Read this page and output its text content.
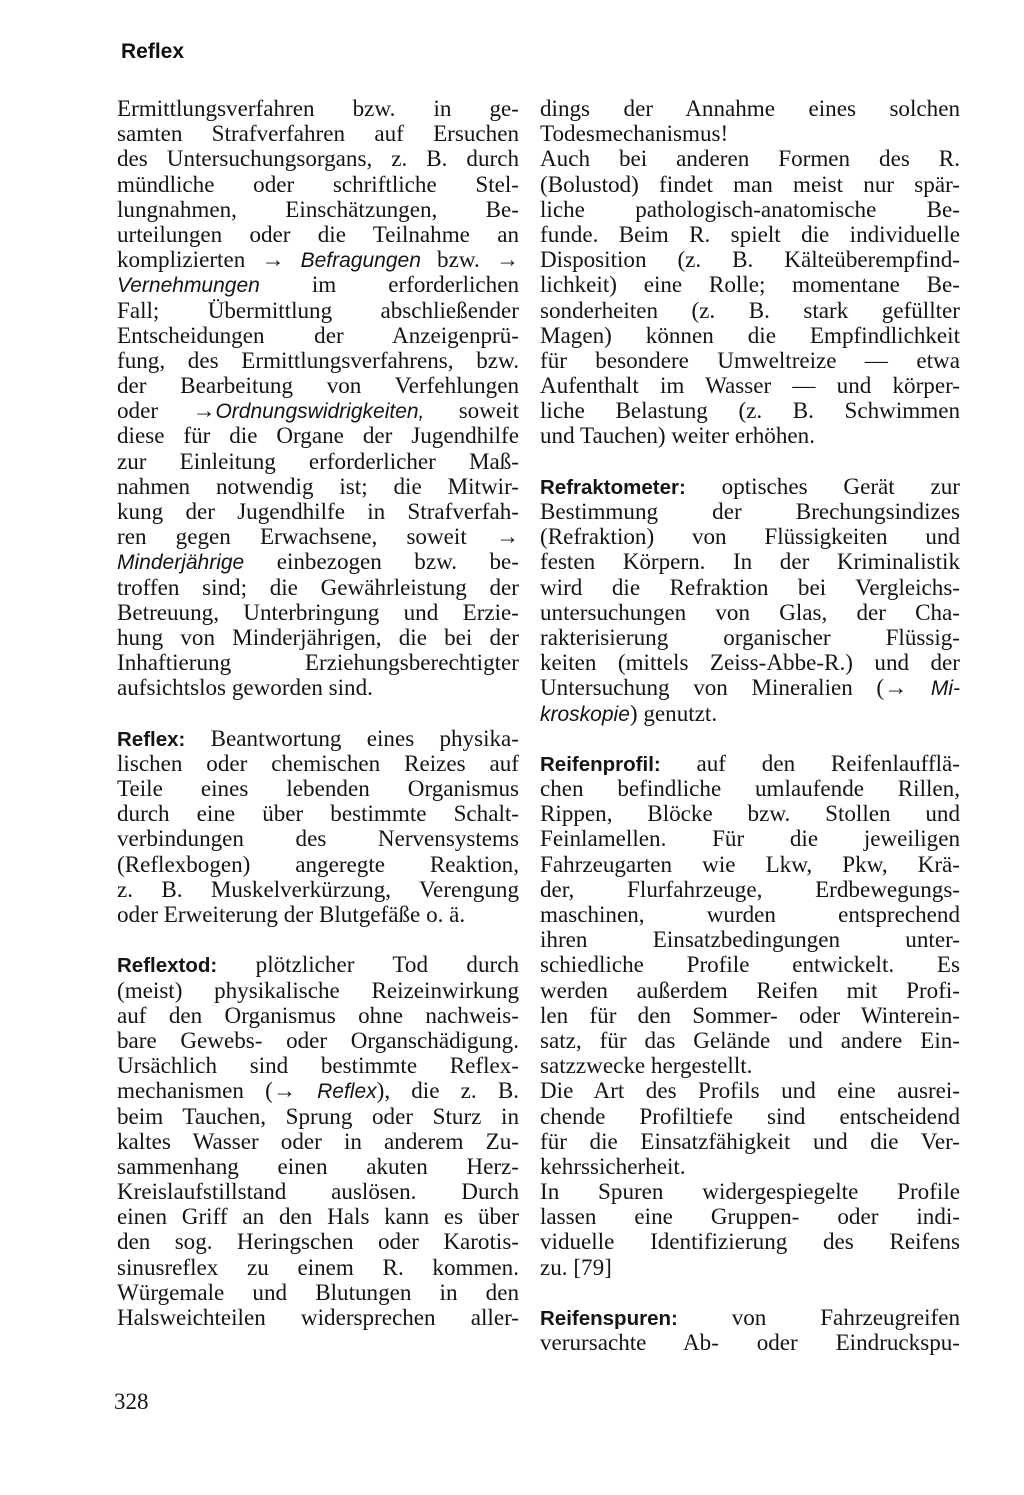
Reflex
Ermittlungsverfahren bzw. in ge-
samten Strafverfahren auf Ersuchen
des Untersuchungsorgans, z. B. durch
mündliche oder schriftliche Stel-
lungnahmen, Einschätzungen, Be-
urteilungen oder die Teilnahme an
komplizierten → Befragungen bzw. →
Vernehmungen im erforderlichen
Fall; Übermittlung abschließender
Entscheidungen der Anzeigenprü-
fung, des Ermittlungsverfahrens, bzw.
der Bearbeitung von Verfehlungen
oder →Ordnungswidrigkeiten, soweit
diese für die Organe der Jugendhilfe
zur Einleitung erforderlicher Maß-
nahmen notwendig ist; die Mitwir-
kung der Jugendhilfe in Strafverfah-
ren gegen Erwachsene, soweit →
Minderjährige einbezogen bzw. be-
troffen sind; die Gewährleistung der
Betreuung, Unterbringung und Erzie-
hung von Minderjährigen, die bei der
Inhaftierung Erziehungsberechtigter
aufsichtslos geworden sind.
Reflex: Beantwortung eines physika-
lischen oder chemischen Reizes auf
Teile eines lebenden Organismus
durch eine über bestimmte Schalt-
verbindungen des Nervensystems
(Reflexbogen) angeregte Reaktion,
z. B. Muskelverkürzung, Verengung
oder Erweiterung der Blutgefäße o. ä.
Reflextod: plötzlicher Tod durch
(meist) physikalische Reizeinwirkung
auf den Organismus ohne nachweis-
bare Gewebs- oder Organschädigung.
Ursächlich sind bestimmte Reflex-
mechanismen (→ Reflex), die z. B.
beim Tauchen, Sprung oder Sturz in
kaltes Wasser oder in anderem Zu-
sammenhang einen akuten Herz-
Kreislaufstillstand auslösen. Durch
einen Griff an den Hals kann es über
den sog. Heringschen oder Karotis-
sinusreflex zu einem R. kommen.
Würgemale und Blutungen in den
Halsweichteilen widersprechen aller-
dings der Annahme eines solchen
Todesmechanismus!
Auch bei anderen Formen des R.
(Bolustod) findet man meist nur spär-
liche pathologisch-anatomische Be-
funde. Beim R. spielt die individuelle
Disposition (z. B. Kälteüberempfind-
lichkeit) eine Rolle; momentane Be-
sonderheiten (z. B. stark gefüllter
Magen) können die Empfindlichkeit
für besondere Umweltreize — etwa
Aufenthalt im Wasser — und körper-
liche Belastung (z. B. Schwimmen
und Tauchen) weiter erhöhen.
Refraktometer: optisches Gerät zur
Bestimmung der Brechungsindizes
(Refraktion) von Flüssigkeiten und
festen Körpern. In der Kriminalistik
wird die Refraktion bei Vergleichs-
untersuchungen von Glas, der Cha-
rakterisierung organischer Flüssig-
keiten (mittels Zeiss-Abbe-R.) und der
Untersuchung von Mineralien (→ Mi-
kroskopie) genutzt.
Reifenprofil: auf den Reifenlaufflä-
chen befindliche umlaufende Rillen,
Rippen, Blöcke bzw. Stollen und
Feinlamellen. Für die jeweiligen
Fahrzeugarten wie Lkw, Pkw, Krä-
der, Flurfahrzeuge, Erdbewegungs-
maschinen, wurden entsprechend
ihren Einsatzbedingungen unter-
schiedliche Profile entwickelt. Es
werden außerdem Reifen mit Profi-
len für den Sommer- oder Winterein-
satz, für das Gelände und andere Ein-
satzzwecke hergestellt.
Die Art des Profils und eine ausrei-
chende Profiltiefe sind entscheidend
für die Einsatzfähigkeit und die Ver-
kehrssicherheit.
In Spuren widergespiegelte Profile
lassen eine Gruppen- oder indi-
viduelle Identifizierung des Reifens
zu. [79]
Reifenspuren: von Fahrzeugreifen
verursachte Ab- oder Eindruckspu-
328
